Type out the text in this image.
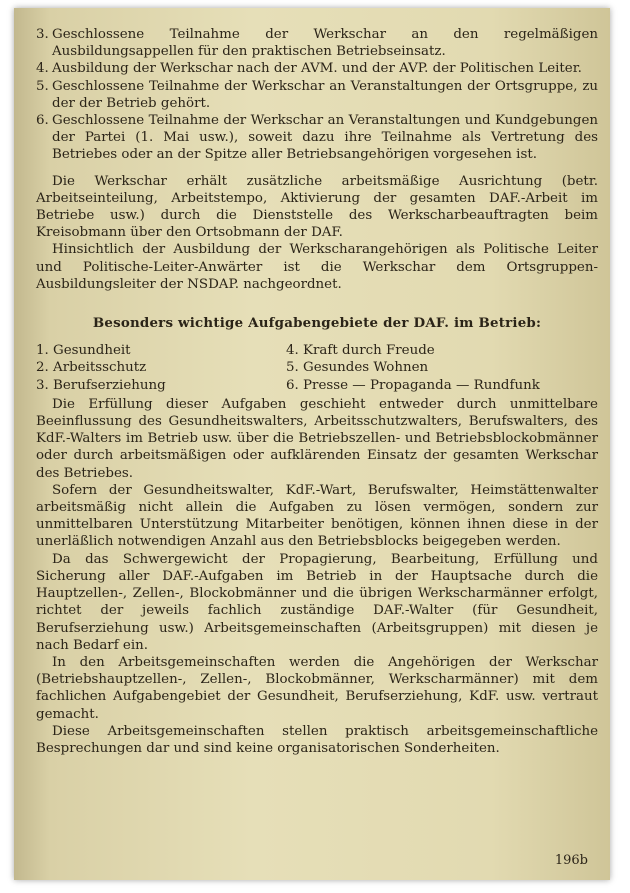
3. Geschlossene Teilnahme der Werkschar an den regelmäßigen Ausbildungsappellen für den praktischen Betriebseinsatz.
4. Ausbildung der Werkschar nach der AVM. und der AVP. der Politischen Leiter.
5. Geschlossene Teilnahme der Werkschar an Veranstaltungen der Ortsgruppe, zu der der Betrieb gehört.
6. Geschlossene Teilnahme der Werkschar an Veranstaltungen und Kundgebungen der Partei (1. Mai usw.), soweit dazu ihre Teilnahme als Vertretung des Betriebes oder an der Spitze aller Betriebsangehörigen vorgesehen ist.

Die Werkschar erhält zusätzliche arbeitsmäßige Ausrichtung (betr. Arbeitseinteilung, Arbeitstempo, Aktivierung der gesamten DAF.-Arbeit im Betriebe usw.) durch die Dienststelle des Werkscharbeauftragten beim Kreisobmann über den Ortsobmann der DAF.

Hinsichtlich der Ausbildung der Werkscharangehörigen als Politische Leiter und Politische-Leiter-Anwärter ist die Werkschar dem Ortsgruppen-Ausbildungsleiter der NSDAP. nachgeordnet.

Besonders wichtige Aufgabengebiete der DAF. im Betrieb:
1. Gesundheit	4. Kraft durch Freude
2. Arbeitsschutz	5. Gesundes Wohnen
3. Berufserziehung	6. Presse — Propaganda — Rundfunk

Die Erfüllung dieser Aufgaben geschieht entweder durch unmittelbare Beeinflussung des Gesundheitswalters, Arbeitsschutzwalters, Berufswalters, des KdF.-Walters im Betrieb usw. über die Betriebszellen- und Betriebsblockobmänner oder durch arbeitsmäßigen oder aufklärenden Einsatz der gesamten Werkschar des Betriebes.

Sofern der Gesundheitswalter, KdF.-Wart, Berufswalter, Heimstättenwalter arbeitsmäßig nicht allein die Aufgaben zu lösen vermögen, sondern zur unmittelbaren Unterstützung Mitarbeiter benötigen, können ihnen diese in der unerläßlich notwendigen Anzahl aus den Betriebsblocks beigegeben werden.

Da das Schwergewicht der Propagierung, Bearbeitung, Erfüllung und Sicherung aller DAF.-Aufgaben im Betrieb in der Hauptsache durch die Hauptzellen-, Zellen-, Blockobmänner und die übrigen Werkscharmänner erfolgt, richtet der jeweils fachlich zuständige DAF.-Walter (für Gesundheit, Berufserziehung usw.) Arbeitsgemeinschaften (Arbeitsgruppen) mit diesen je nach Bedarf ein.

In den Arbeitsgemeinschaften werden die Angehörigen der Werkschar (Betriebshauptzellen-, Zellen-, Blockobmänner, Werkscharmänner) mit dem fachlichen Aufgabengebiet der Gesundheit, Berufserziehung, KdF. usw. vertraut gemacht.

Diese Arbeitsgemeinschaften stellen praktisch arbeitsgemeinschaftliche Besprechungen dar und sind keine organisatorischen Sonderheiten.

196b
